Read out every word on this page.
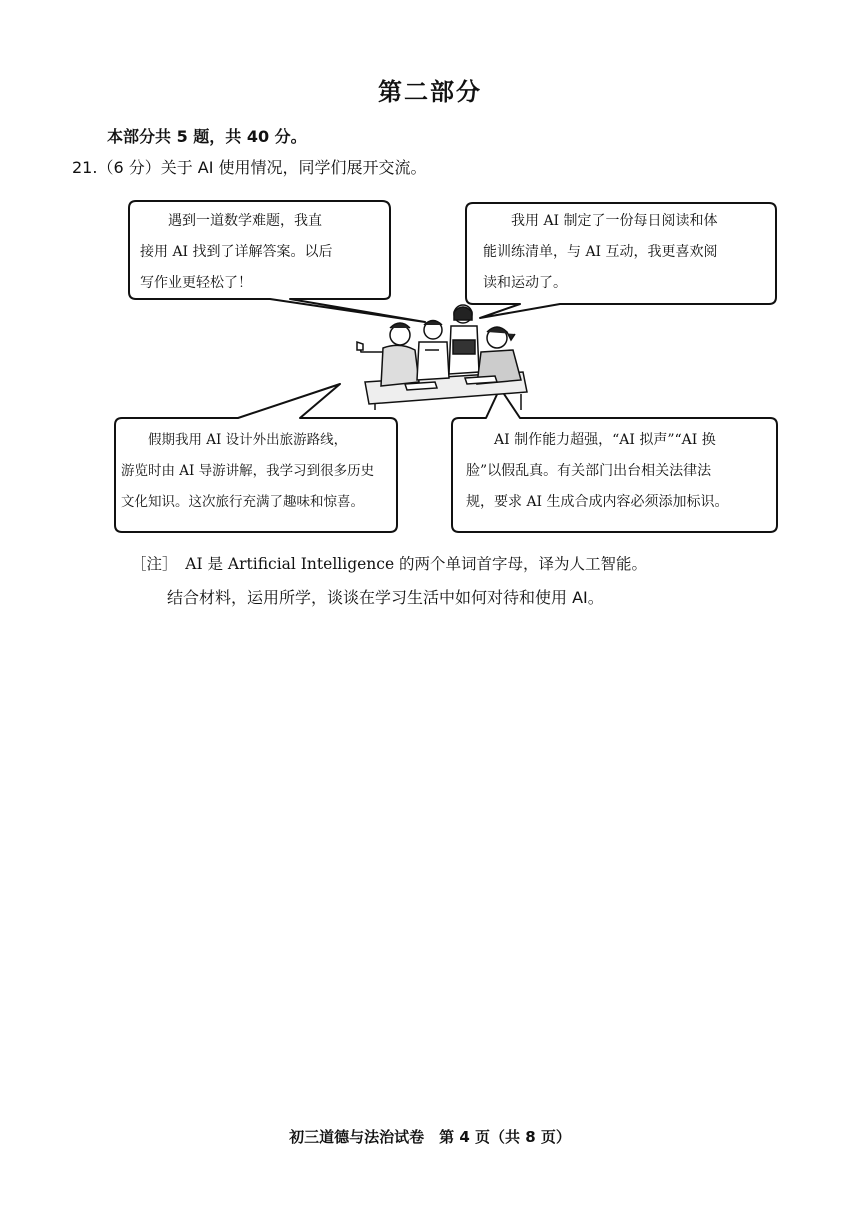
第二部分
本部分共 5 题，共 40 分。
21.（6 分）关于 AI 使用情况，同学们展开交流。
　　遇到一道数学难题，我直
接用 AI 找到了详解答案。以后
写作业更轻松了！
　　我用 AI 制定了一份每日阅读和体
能训练清单，与 AI 互动，我更喜欢阅
读和运动了。
　　假期我用 AI 设计外出旅游路线，
游览时由 AI 导游讲解，我学习到很多历史
文化知识。这次旅行充满了趣味和惊喜。
　　AI 制作能力超强，“AI 拟声”“AI 换
脸”以假乱真。有关部门出台相关法律法
规，要求 AI 生成合成内容必须添加标识。
［注］　AI 是 Artificial Intelligence 的两个单词首字母，译为人工智能。
结合材料，运用所学，谈谈在学习生活中如何对待和使用 AI。
初三道德与法治试卷　第 4 页（共 8 页）
